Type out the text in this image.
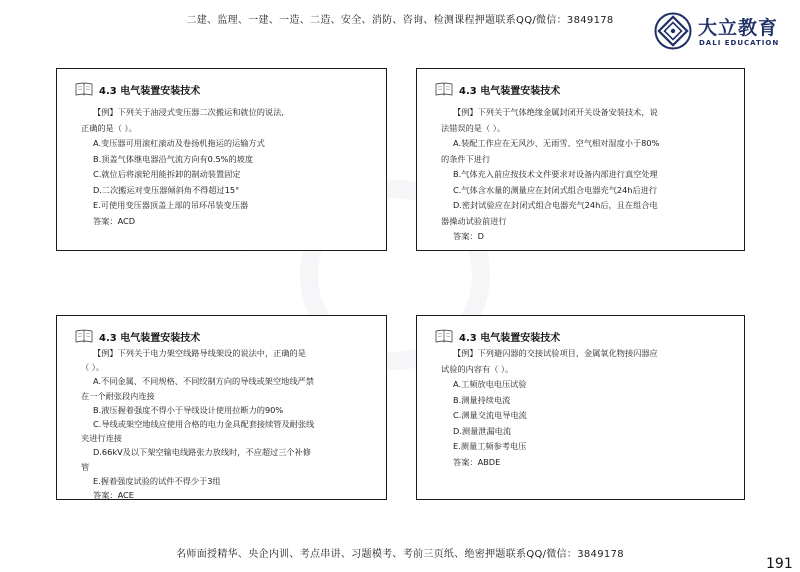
二建、监理、一建、一造、二造、安全、消防、咨询、检测课程押题联系QQ/微信：3849178	大立教育
DALI EDUCATION
4.3 电气装置安装技术
【例】下列关于油浸式变压器二次搬运和就位的说法,
正确的是（ ）。
A.变压器可用滚杠滚动及卷扬机拖运的运输方式
B.顶盖气体继电器沿气流方向有0.5%的坡度
C.就位后将滚轮用能拆卸的制动装置固定
D.二次搬运对变压器倾斜角不得超过15°
E.可使用变压器顶盖上部的吊环吊装变压器
答案：ACD
4.3 电气装置安装技术
【例】下列关于气体绝缘金属封闭开关设备安装技术，说
法错误的是（ ）。
A.装配工作应在无风沙、无雨雪、空气相对湿度小于80%
的条件下进行
B.气体充入前应按技术文件要求对设备内部进行真空处理
C.气体含水量的测量应在封闭式组合电器充气24h后进行
D.密封试验应在封闭式组合电器充气24h后，且在组合电
器操动试验前进行
答案：D
4.3 电气装置安装技术
【例】下列关于电力架空线路导线架设的说法中，正确的是
（ ）。
A.不同金属、不同规格、不同绞制方向的导线或架空地线严禁
在一个耐张段内连接
B.液压握着强度不得小于导线设计使用拉断力的90%
C.导线或架空地线应使用合格的电力金具配套接续管及耐张线
夹进行连接
D.66kV及以下架空输电线路张力放线时，不应超过三个补修
管
E.握着强度试验的试件不得少于3组
答案：ACE
4.3 电气装置安装技术
【例】下列避闪器的交接试验项目，金属氧化物接闪器应
试验的内容有（ ）。
A.工频放电电压试验
B.测量持续电流
C.测量交流电导电流
D.测量泄漏电流
E.测量工频参考电压
答案：ABDE
名师面授精华、央企内训、考点串讲、习题模考、考前三页纸、绝密押题联系QQ/微信：3849178
191
